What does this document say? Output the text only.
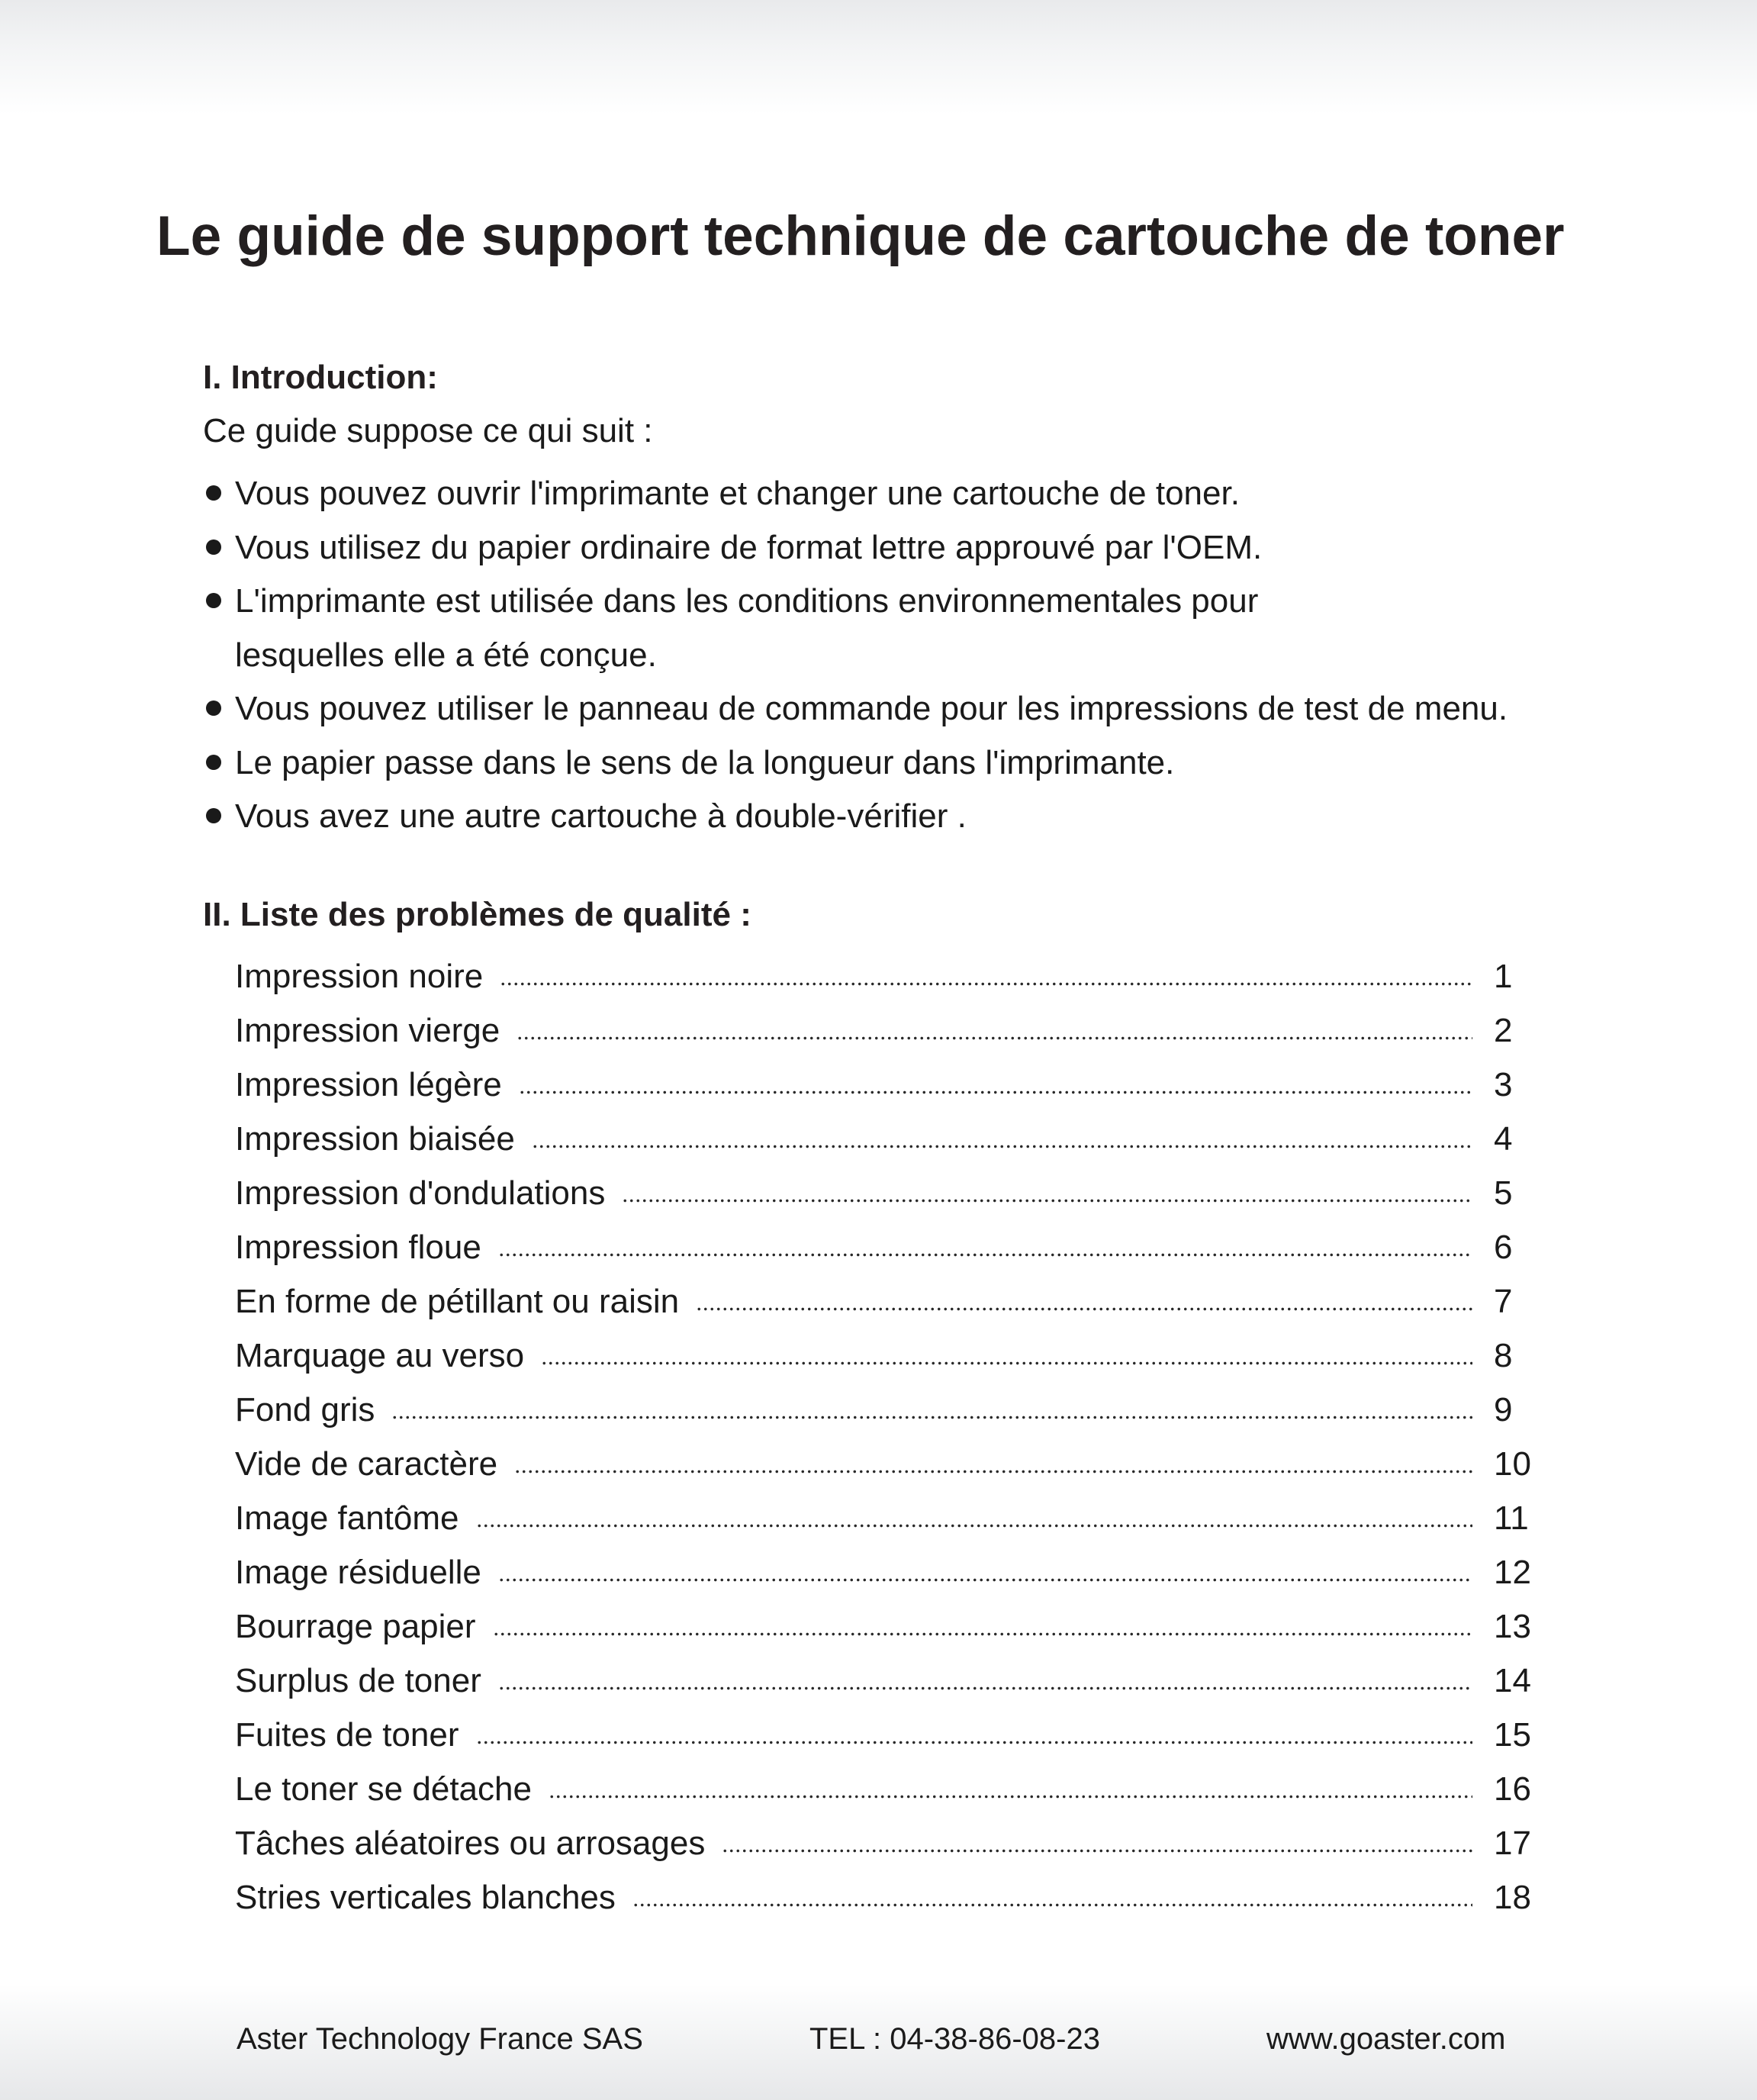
Le guide de support technique de cartouche de toner
I. Introduction:

Ce guide suppose ce qui suit :

Vous pouvez ouvrir l'imprimante et changer une cartouche de toner.
Vous utilisez du papier ordinaire de format lettre approuvé par l'OEM.
L'imprimante est utilisée dans les conditions environnementales pour
lesquelles elle a été conçue.
Vous pouvez utiliser le panneau de commande pour les impressions de test de menu.
Le papier passe dans le sens de la longueur dans l'imprimante.
Vous avez une autre cartouche à double-vérifier .
II. Liste des problèmes de qualité :
Impression noire	1
Impression vierge	2
Impression légère	3
Impression biaisée	4
Impression d'ondulations	5
Impression floue	6
En forme de pétillant ou raisin	7
Marquage au verso	8
Fond gris	9
Vide de caractère	10
Image fantôme	11
Image résiduelle	12
Bourrage papier	13
Surplus de toner	14
Fuites de toner	15
Le toner se détache	16
Tâches aléatoires ou arrosages	17
Stries verticales blanches	18
Aster Technology France SAS	TEL : 04-38-86-08-23	www.goaster.com
